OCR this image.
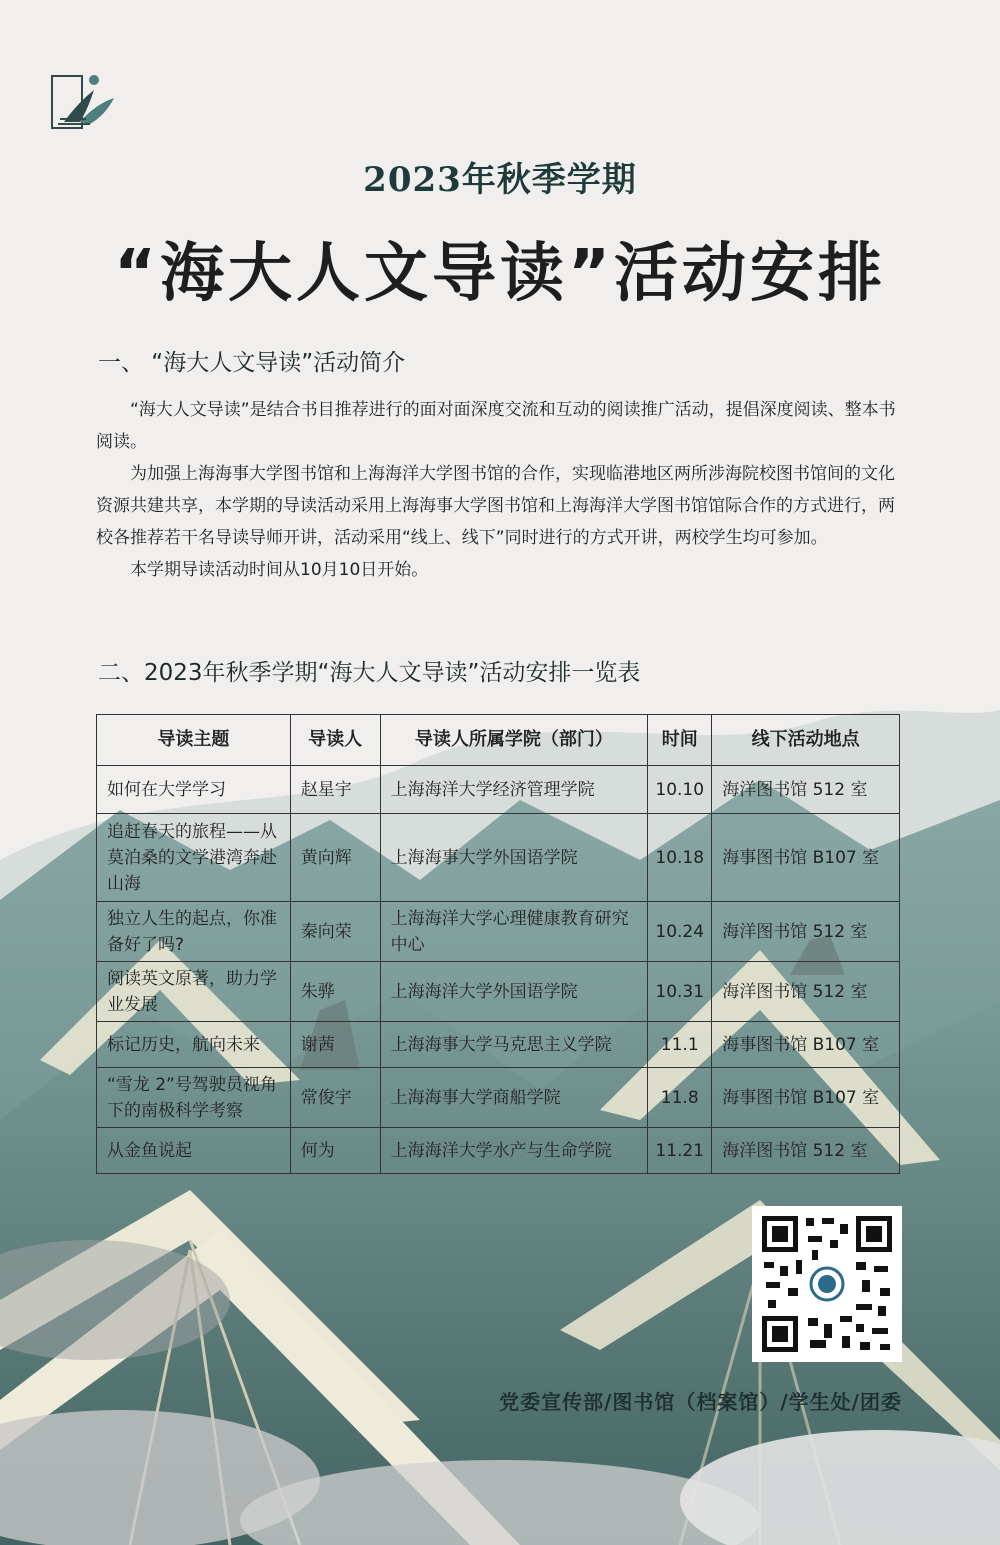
2023年秋季学期
“海大人文导读”活动安排
一、 “海大人文导读”活动简介

“海大人文导读”是结合书目推荐进行的面对面深度交流和互动的阅读推广活动，提倡深度阅读、整本书阅读。

为加强上海海事大学图书馆和上海海洋大学图书馆的合作，实现临港地区两所涉海院校图书馆间的文化资源共建共享，本学期的导读活动采用上海海事大学图书馆和上海海洋大学图书馆馆际合作的方式进行，两校各推荐若干名导读导师开讲，活动采用“线上、线下”同时进行的方式开讲，两校学生均可参加。

本学期导读活动时间从10月10日开始。

二、2023年秋季学期“海大人文导读”活动安排一览表
导读主题	导读人	导读人所属学院（部门）	时间	线下活动地点
如何在大学学习	赵星宇	上海海洋大学经济管理学院	10.10	海洋图书馆 512 室
追赶春天的旅程——从莫泊桑的文学港湾奔赴山海	黄向辉	上海海事大学外国语学院	10.18	海事图书馆 B107 室
独立人生的起点，你准备好了吗?	秦向荣	上海海洋大学心理健康教育研究中心	10.24	海洋图书馆 512 室
阅读英文原著，助力学业发展	朱骅	上海海洋大学外国语学院	10.31	海洋图书馆 512 室
标记历史，航向未来	谢茜	上海海事大学马克思主义学院	11.1	海事图书馆 B107 室
“雪龙 2”号驾驶员视角下的南极科学考察	常俊宇	上海海事大学商船学院	11.8	海事图书馆 B107 室
从金鱼说起	何为	上海海洋大学水产与生命学院	11.21	海洋图书馆 512 室
党委宣传部/图书馆（档案馆）/学生处/团委
